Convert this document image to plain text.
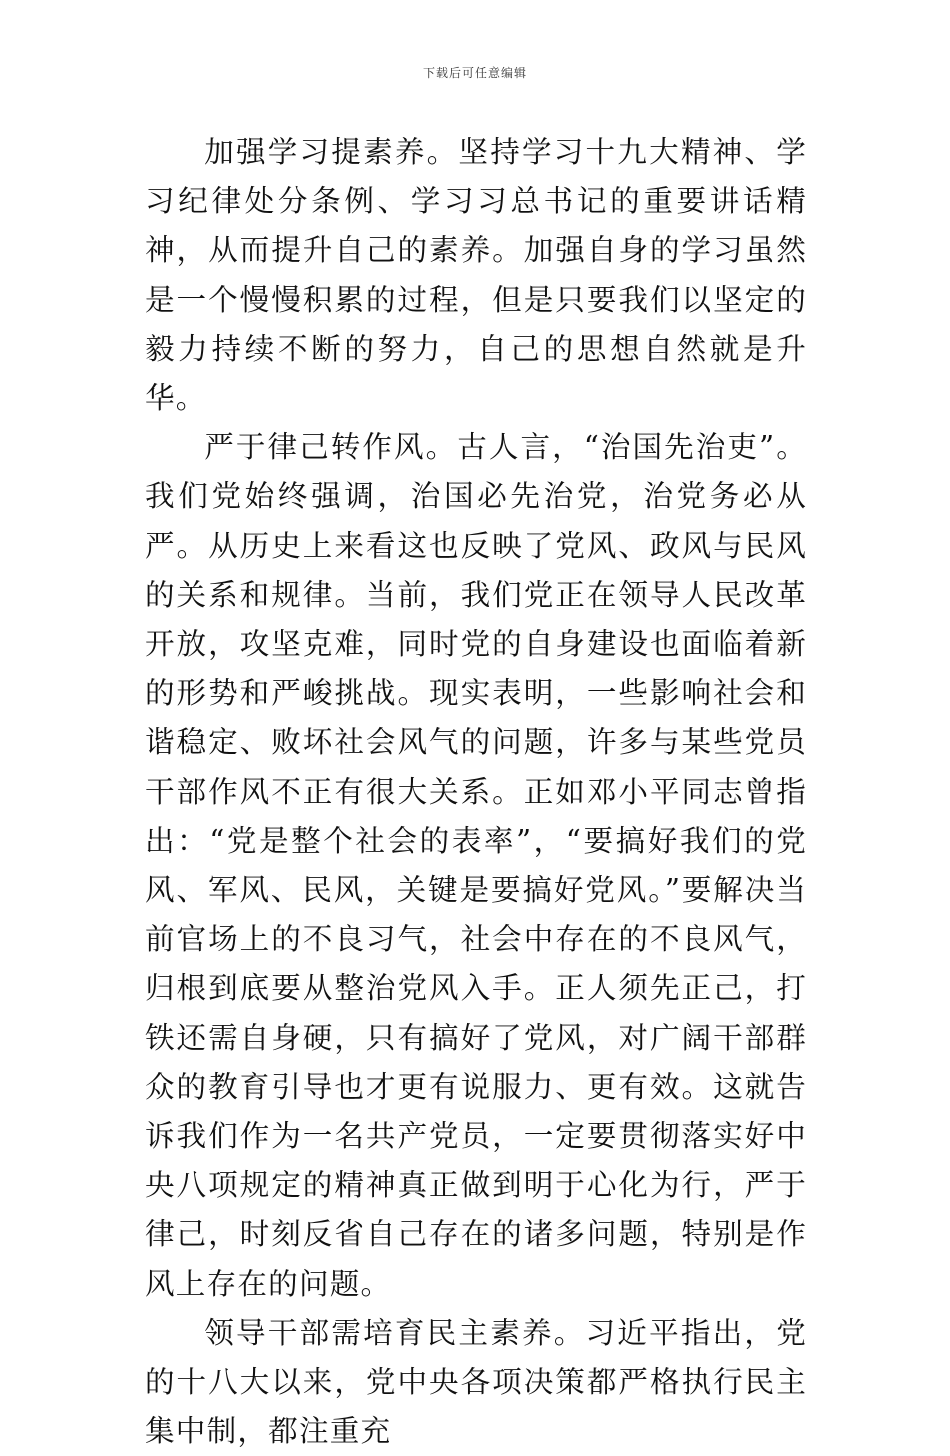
下载后可任意编辑

加强学习提素养。坚持学习十九大精神、学习纪律处分条例、学习习总书记的重要讲话精神，从而提升自己的素养。加强自身的学习虽然是一个慢慢积累的过程，但是只要我们以坚定的毅力持续不断的努力，自己的思想自然就是升华。

严于律己转作风。古人言，“治国先治吏”。我们党始终强调，治国必先治党，治党务必从严。从历史上来看这也反映了党风、政风与民风的关系和规律。当前，我们党正在领导人民改革开放，攻坚克难，同时党的自身建设也面临着新的形势和严峻挑战。现实表明，一些影响社会和谐稳定、败坏社会风气的问题，许多与某些党员干部作风不正有很大关系。正如邓小平同志曾指出：“党是整个社会的表率”，“要搞好我们的党风、军风、民风，关键是要搞好党风。”要解决当前官场上的不良习气，社会中存在的不良风气，归根到底要从整治党风入手。正人须先正己，打铁还需自身硬，只有搞好了党风，对广阔干部群众的教育引导也才更有说服力、更有效。这就告诉我们作为一名共产党员，一定要贯彻落实好中央八项规定的精神真正做到明于心化为行，严于律己，时刻反省自己存在的诸多问题，特别是作风上存在的问题。

领导干部需培育民主素养。习近平指出，党的十八大以来，党中央各项决策都严格执行民主集中制，都注重充
